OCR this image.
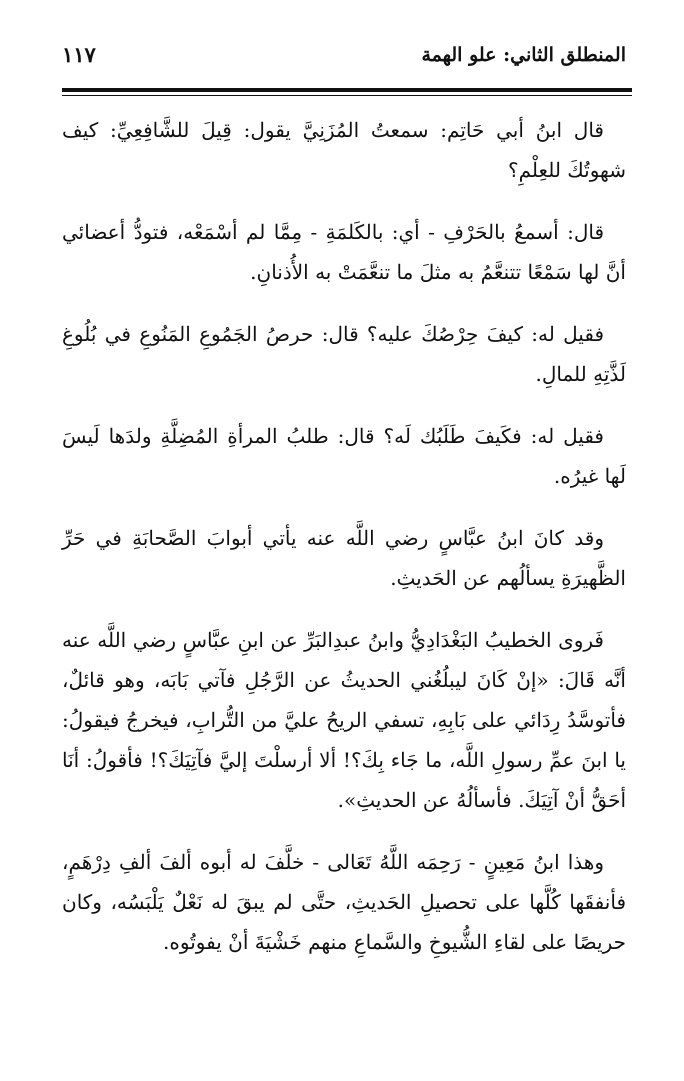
المنطلق الثاني: علو الهمة
١١٧

قال ابنُ أبي حَاتِم: سمعتُ المُزَنِيَّ يقول: قِيلَ للشَّافِعِيِّ: كيف شهوتُكَ للعِلْمِ؟

قال: أسمعُ بالحَرْفِ - أي: بالكَلمَةِ - مِمَّا لم أسْمَعْه، فتودُّ أعضائي أنَّ لها سَمْعًا تتنعَّمُ به مثلَ ما تنعَّمَتْ به الأُذنانِ.

فقيل له: كيفَ حِرْصُكَ عليه؟ قال: حرصُ الجَمُوعِ المَنُوعِ في بُلُوغِ لَذَّتِهِ للمالِ.

فقيل له: فكَيفَ طَلَبُك لَه؟ قال: طلبُ المرأةِ المُضِلَّةِ ولدَها لَيسَ لَها غيرُه.

وقد كانَ ابنُ عبَّاسٍ رضي اللَّه عنه يأتي أبوابَ الصَّحابَةِ في حَرِّ الظَّهيرَةِ يسألُهم عن الحَديثِ.

فَروى الخطيبُ البَغْدَادِيُّ وابنُ عبدِالبَرِّ عن ابنِ عبَّاسٍ رضي اللَّه عنه أنَّه قَالَ: «إنْ كَانَ ليبلُغُني الحديثُ عن الرَّجُلِ فآتي بَابَه، وهو قائلٌ، فأتوسَّدُ رِدَائي على بَابِهِ، تسفي الريحُ عليَّ من التُّرابِ، فيخرجُ فيقولُ: يا ابنَ عمِّ رسولِ اللَّه، ما جَاء بِكَ؟! ألا أرسلْتَ إليَّ فآتِيَكَ؟! فأقولُ: أنَا أحَقُّ أنْ آتِيَكَ. فأسألُهُ عن الحديثِ».

وهذا ابنُ مَعِينٍ - رَحِمَه اللَّهُ تَعَالى - خلَّفَ له أبوه ألفَ ألفِ دِرْهَمٍ، فأنفقَها كُلَّها على تحصيلِ الحَديثِ، حتَّى لم يبقَ له نَعْلٌ يَلْبَسُه، وكان حريصًا على لقاءِ الشُّيوخِ والسَّماعِ منهم خَشْيَةَ أنْ يفوتُوه.
